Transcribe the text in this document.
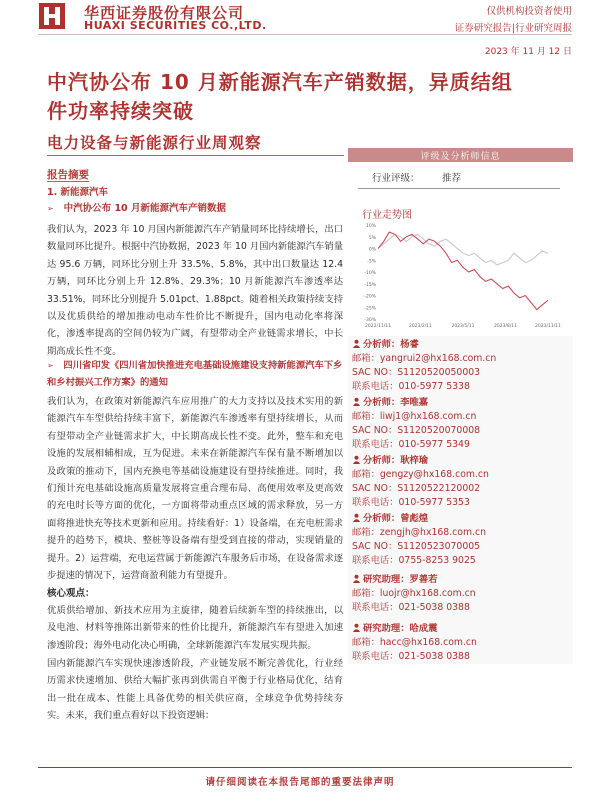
华西证券股份有限公司
HUAXI SECURITIES CO.,LTD.
仅供机构投资者使用
证券研究报告|行业研究周报
2023 年 11 月 12 日
中汽协公布 10 月新能源汽车产销数据，异质结组
件功率持续突破
电力设备与新能源行业周观察
报告摘要
1. 新能源汽车
➢ 中汽协公布 10 月新能源汽车产销数据
我们认为，2023 年 10 月国内新能源汽车产销量同环比持续增长，出口数量同环比提升。根据中汽协数据，2023 年 10 月国内新能源汽车销量达 95.6 万辆，同环比分别上升 33.5%、5.8%，其中出口数量达 12.4 万辆，同环比分别上升 12.8%、29.3%；10 月新能源汽车渗透率达 33.51%，同环比分别提升 5.01pct、1.88pct。随着相关政策持续支持以及优质供给的增加推动电动车性价比不断提升，国内电动化率将深化，渗透率提高的空间仍较为广阔，有望带动全产业链需求增长，中长期高成长性不变。
➢ 四川省印发《四川省加快推进充电基础设施建设支持新能源汽车下乡和乡村振兴工作方案》的通知
我们认为，在政策对新能源汽车应用推广的大力支持以及技术实用的新能源汽车车型供给持续丰富下，新能源汽车渗透率有望持续增长，从而有望带动全产业链需求扩大，中长期高成长性不变。此外，整车和充电设施的发展相辅相成，互为促进。未来在新能源汽车保有量不断增加以及政策的推动下，国内充换电等基础设施建设有望持续推进。同时，我们预计充电基础设施高质量发展将宣重合理布局、高便用效率及更高效的充电时长等方面的优化，一方面将带动重点区域的需求释放，另一方面将推进快充等技术更新和应用。持续看好：1）设备端，在充电桩需求提升的趋势下，模块、整桩等设备端有望受到直接的带动，实现销量的提升。2）运营端，充电运营属于新能源汽车服务后市场，在设备需求逐步提速的情况下，运营商盈利能力有望提升。
核心观点：
优质供给增加、新技术应用为主旋律，随着后续新车型的持续推出，以及电池、材料等推陈出新带来的性价比提升，新能源汽车有望进入加速渗透阶段；海外电动化决心明确，全球新能源汽车发展实现共振。
国内新能源汽车实现快速渗透阶段，产业链发展不断完善优化，行业经历需求快速增加、供给大幅扩张再到供需自平衡于行业格局优化，结育出一批在成本、性能上具备优势的相关供应商，全球竞争优势持续夯实。未来，我们重点看好以下投资逻辑：
评级及分析师信息
行业评级： 推荐
行业走势图
10%
5%
0%
-5%
-10%
-15%
-20%
-25%
-30%
2022/11/11	2023/2/11	2023/5/11	2023/8/11	2023/11/11
分析师：杨睿
邮箱：yangrui2@hx168.com.cn
SAC NO：S1120520050003
联系电话：010-5977 5338
分析师：李唯嘉
邮箱：liwj1@hx168.com.cn
SAC NO：S1120520070008
联系电话：010-5977 5349
分析师：耿梓瑜
邮箱：gengzy@hx168.com.cn
SAC NO：S1120522120002
联系电话：010-5977 5353
分析师：曾彪煌
邮箱：zengjh@hx168.com.cn
SAC NO：S1120523070005
联系电话：0755-8253 9025
研究助理：罗善若
邮箱：luojr@hx168.com.cn
联系电话：021-5038 0388
研究助理：哈成震
邮箱：hacc@hx168.com.cn
联系电话：021-5038 0388
请仔细阅读在本报告尾部的重要法律声明
